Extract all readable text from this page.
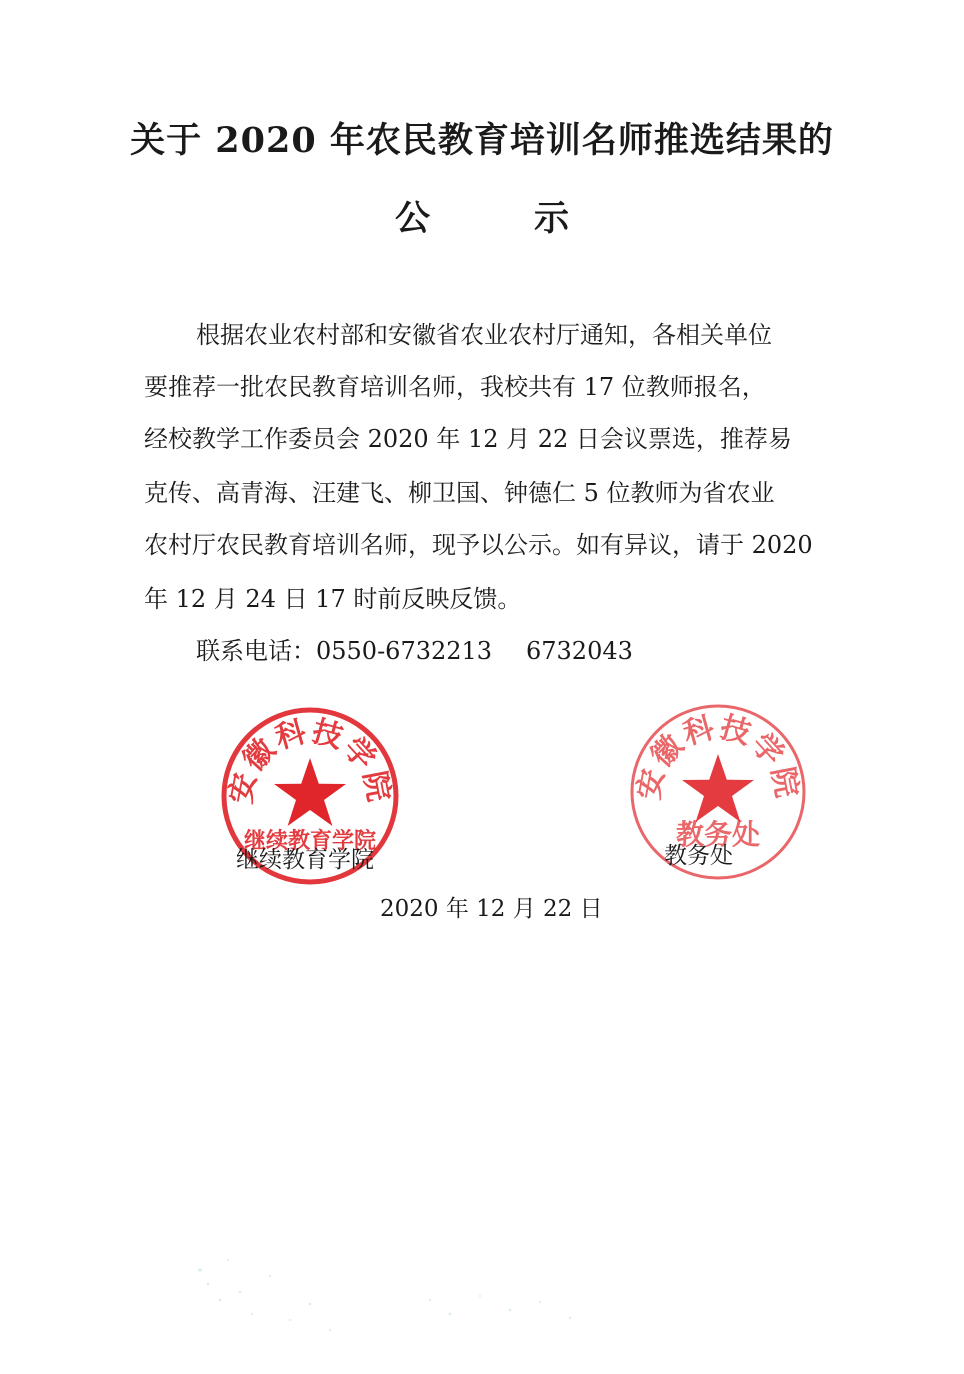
关于 2020 年农民教育培训名师推选结果的
公示
根据农业农村部和安徽省农业农村厅通知，各相关单位
要推荐一批农民教育培训名师，我校共有 17 位教师报名，
经校教学工作委员会 2020 年 12 月 22 日会议票选，推荐易
克传、高青海、汪建飞、柳卫国、钟德仁 5 位教师为省农业
农村厅农民教育培训名师，现予以公示。如有异议，请于 2020
年 12 月 24 日 17 时前反映反馈。
联系电话：0550-6732213 6732043
安徽科技学院
继续教育学院
继续教育学院
安徽科技学院
教务处
教务处
2020 年 12 月 22 日
